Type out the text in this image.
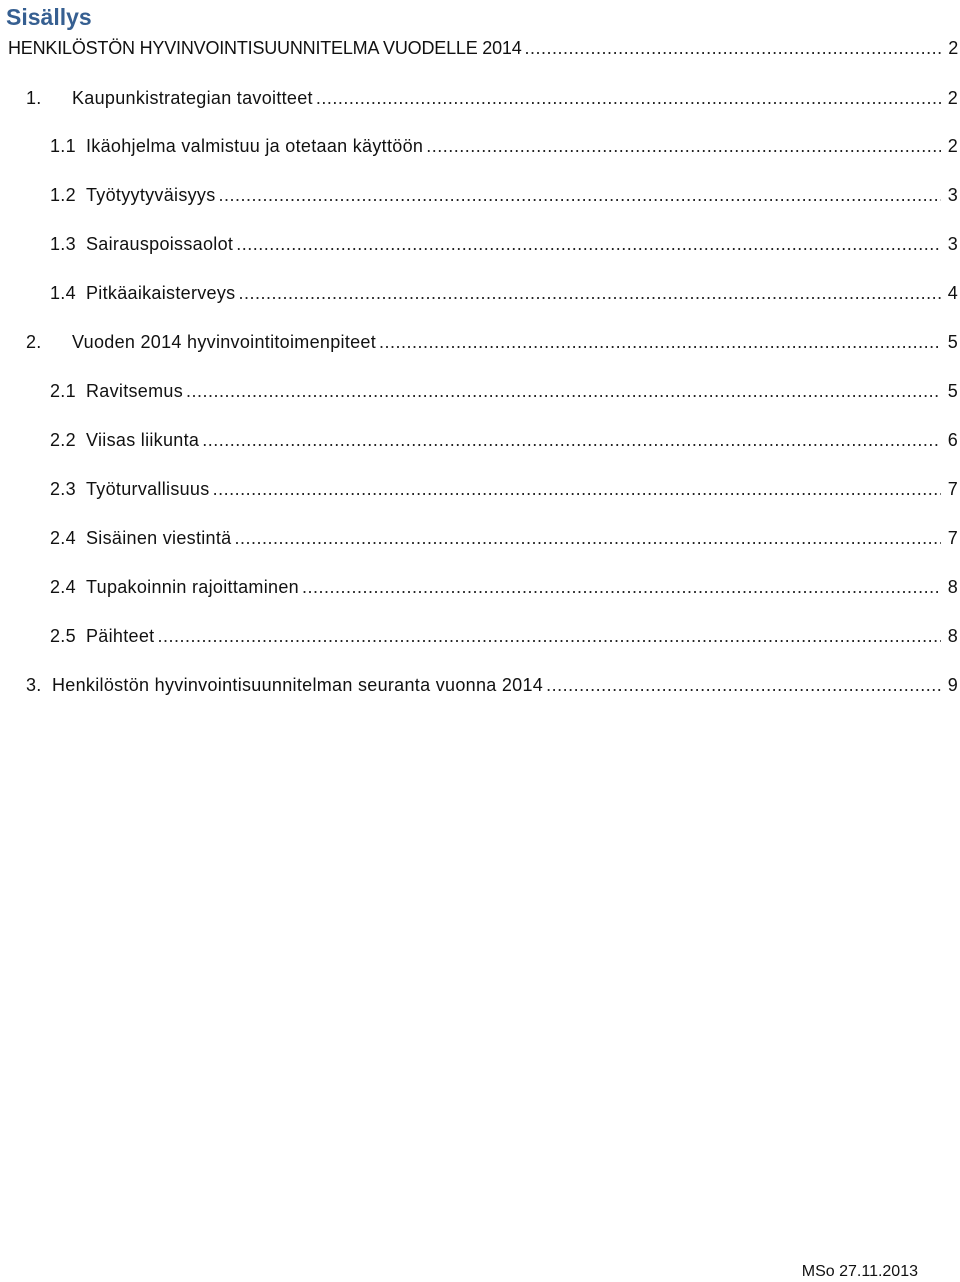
Sisällys
HENKILÖSTÖN HYVINVOINTISUUNNITELMA VUODELLE 2014 .....	2
1.	Kaupunkistrategian tavoitteet .....	2
1.1 Ikäohjelma valmistuu ja otetaan käyttöön .....	2
1.2 Työtyytyväisyys .....	3
1.3 Sairauspoissaolot .....	3
1.4 Pitkäaikaisterveys .....	4
2.	Vuoden 2014 hyvinvointitoimenpiteet .....	5
2.1 Ravitsemus .....	5
2.2 Viisas liikunta .....	6
2.3 Työturvallisuus .....	7
2.4 Sisäinen viestintä .....	7
2.4 Tupakoinnin rajoittaminen .....	8
2.5 Päihteet .....	8
3. Henkilöstön hyvinvointisuunnitelman seuranta vuonna 2014 .....	9
MSo 27.11.2013
